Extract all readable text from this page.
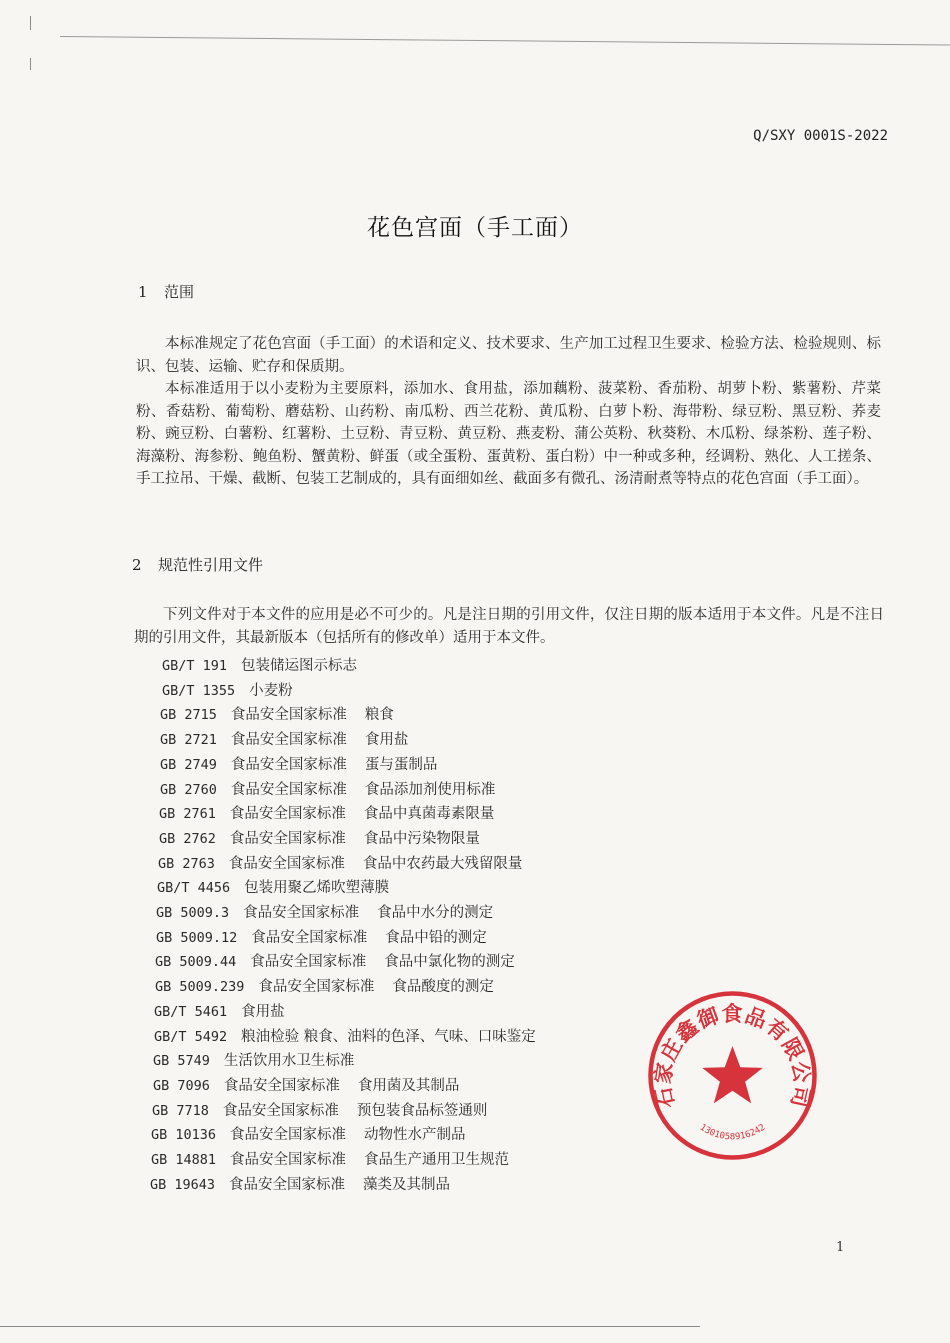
Q/SXY 0001S-2022
花色宫面（手工面）
1 范围
本标准规定了花色宫面（手工面）的术语和定义、技术要求、生产加工过程卫生要求、检验方法、检验规则、标识、包装、运输、贮存和保质期。
本标准适用于以小麦粉为主要原料，添加水、食用盐，添加藕粉、菠菜粉、香茄粉、胡萝卜粉、紫薯粉、芹菜粉、香菇粉、葡萄粉、蘑菇粉、山药粉、南瓜粉、西兰花粉、黄瓜粉、白萝卜粉、海带粉、绿豆粉、黑豆粉、荞麦粉、豌豆粉、白薯粉、红薯粉、土豆粉、青豆粉、黄豆粉、燕麦粉、蒲公英粉、秋葵粉、木瓜粉、绿茶粉、莲子粉、海藻粉、海参粉、鲍鱼粉、蟹黄粉、鲜蛋（或全蛋粉、蛋黄粉、蛋白粉）中一种或多种，经调粉、熟化、人工搓条、手工拉吊、干燥、截断、包装工艺制成的，具有面细如丝、截面多有微孔、汤清耐煮等特点的花色宫面（手工面）。
2 规范性引用文件
下列文件对于本文件的应用是必不可少的。凡是注日期的引用文件，仅注日期的版本适用于本文件。凡是不注日期的引用文件，其最新版本（包括所有的修改单）适用于本文件。
GB/T 191 包装储运图示标志
GB/T 1355 小麦粉
GB 2715 食品安全国家标准 粮食
GB 2721 食品安全国家标准 食用盐
GB 2749 食品安全国家标准 蛋与蛋制品
GB 2760 食品安全国家标准 食品添加剂使用标准
GB 2761 食品安全国家标准 食品中真菌毒素限量
GB 2762 食品安全国家标准 食品中污染物限量
GB 2763 食品安全国家标准 食品中农药最大残留限量
GB/T 4456 包装用聚乙烯吹塑薄膜
GB 5009.3 食品安全国家标准 食品中水分的测定
GB 5009.12 食品安全国家标准 食品中铅的测定
GB 5009.44 食品安全国家标准 食品中氯化物的测定
GB 5009.239 食品安全国家标准 食品酸度的测定
GB/T 5461 食用盐
GB/T 5492 粮油检验 粮食、油料的色泽、气味、口味鉴定
GB 5749 生活饮用水卫生标准
GB 7096 食品安全国家标准 食用菌及其制品
GB 7718 食品安全国家标准 预包装食品标签通则
GB 10136 食品安全国家标准 动物性水产制品
GB 14881 食品安全国家标准 食品生产通用卫生规范
GB 19643 食品安全国家标准 藻类及其制品
石家庄鑫御食品有限公司
1301058916242
1
